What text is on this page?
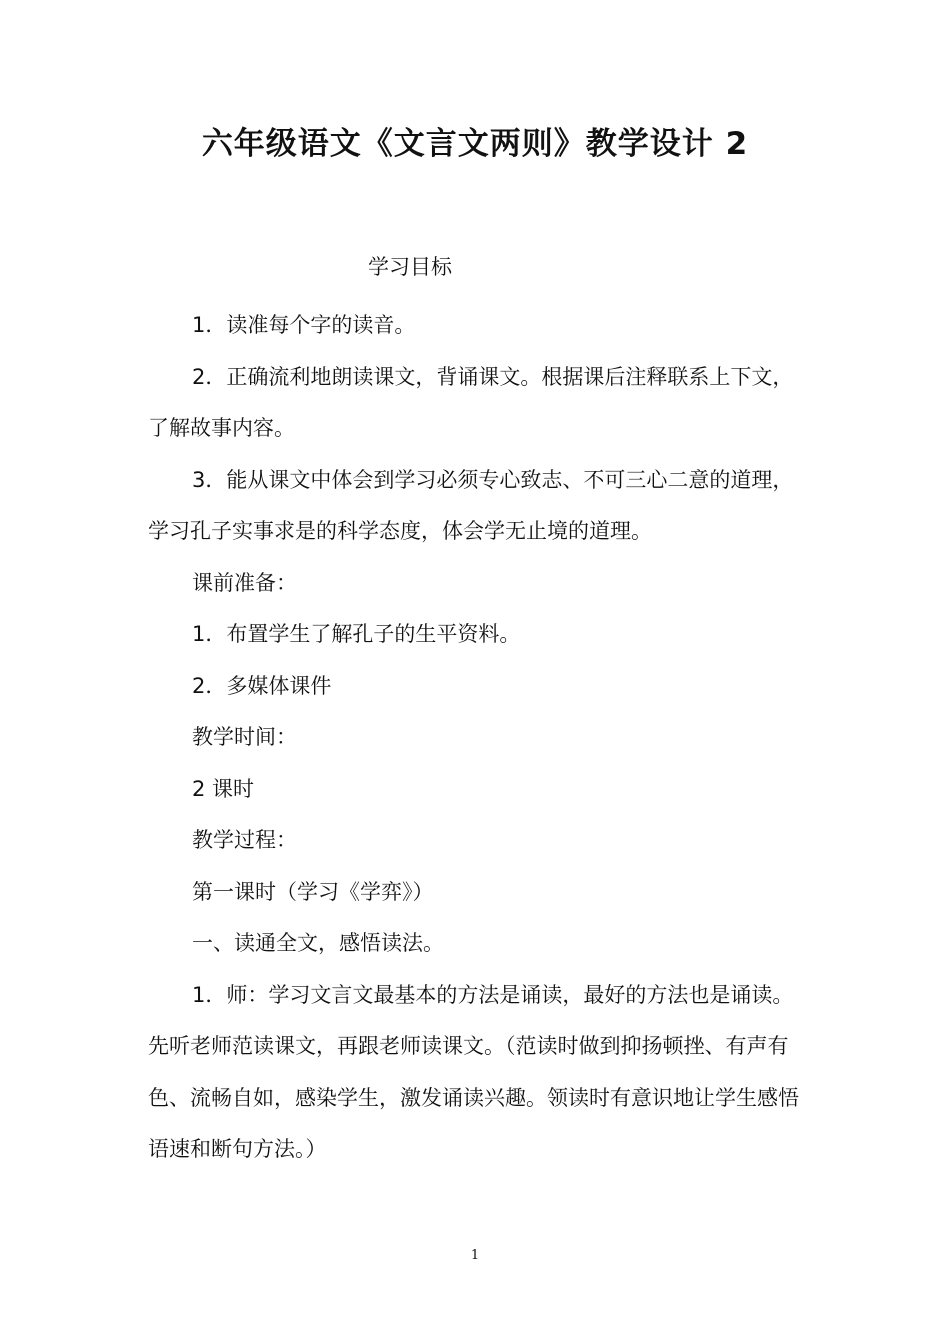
六年级语文《文言文两则》教学设计 2
学习目标

1．读准每个字的读音。

2．正确流利地朗读课文，背诵课文。根据课后注释联系上下文，了解故事内容。

3．能从课文中体会到学习必须专心致志、不可三心二意的道理，学习孔子实事求是的科学态度，体会学无止境的道理。

课前准备：

1．布置学生了解孔子的生平资料。

2．多媒体课件

教学时间：

2 课时

教学过程：

第一课时（学习《学弈》）

一、读通全文，感悟读法。

1．师：学习文言文最基本的方法是诵读，最好的方法也是诵读。先听老师范读课文，再跟老师读课文。（范读时做到抑扬顿挫、有声有色、流畅自如，感染学生，激发诵读兴趣。领读时有意识地让学生感悟语速和断句方法。）

1
